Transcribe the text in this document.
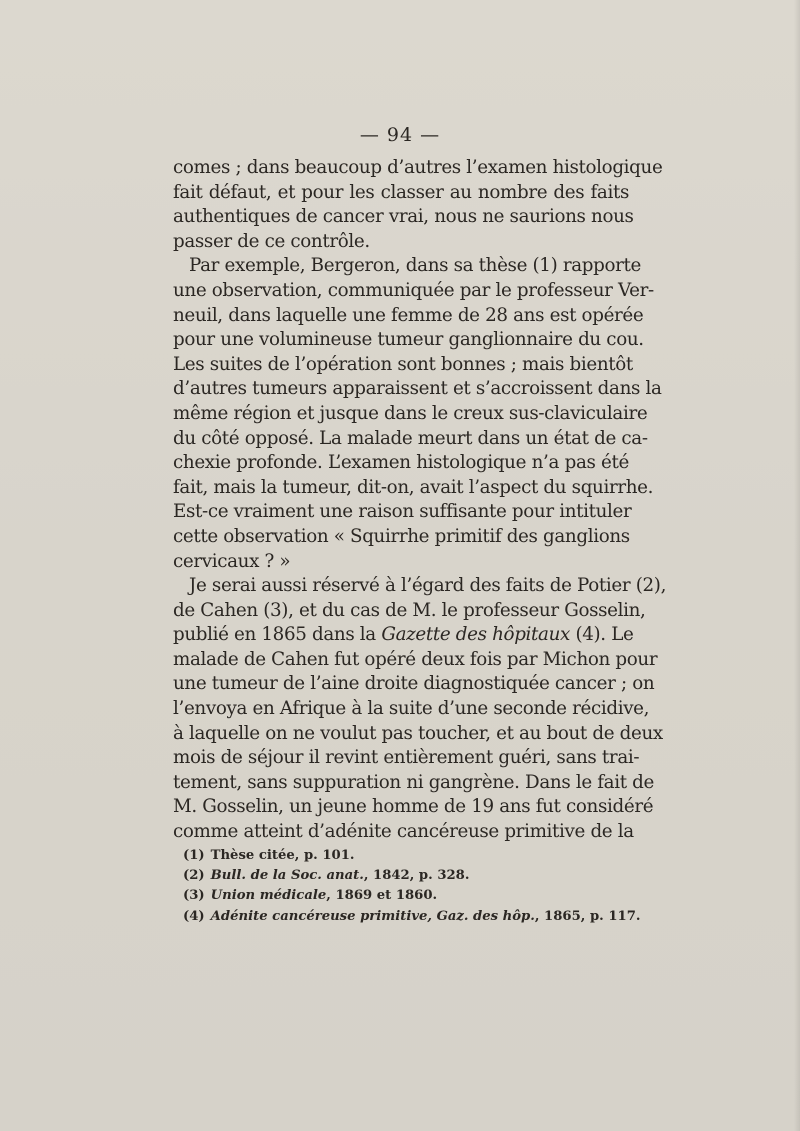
— 94 —
comes ; dans beaucoup d’autres l’examen histologique
fait défaut, et pour les classer au nombre des faits
authentiques de cancer vrai, nous ne saurions nous
passer de ce contrôle.
Par exemple, Bergeron, dans sa thèse (1) rapporte
une observation, communiquée par le professeur Ver-
neuil, dans laquelle une femme de 28 ans est opérée
pour une volumineuse tumeur ganglionnaire du cou.
Les suites de l’opération sont bonnes ; mais bientôt
d’autres tumeurs apparaissent et s’accroissent dans la
même région et jusque dans le creux sus-claviculaire
du côté opposé. La malade meurt dans un état de ca-
chexie profonde. L’examen histologique n’a pas été
fait, mais la tumeur, dit-on, avait l’aspect du squirrhe.
Est-ce vraiment une raison suffisante pour intituler
cette observation « Squirrhe primitif des ganglions
cervicaux ? »
Je serai aussi réservé à l’égard des faits de Potier (2),
de Cahen (3), et du cas de M. le professeur Gosselin,
publié en 1865 dans la Gazette des hôpitaux (4). Le
malade de Cahen fut opéré deux fois par Michon pour
une tumeur de l’aine droite diagnostiquée cancer ; on
l’envoya en Afrique à la suite d’une seconde récidive,
à laquelle on ne voulut pas toucher, et au bout de deux
mois de séjour il revint entièrement guéri, sans trai-
tement, sans suppuration ni gangrène. Dans le fait de
M. Gosselin, un jeune homme de 19 ans fut considéré
comme atteint d’adénite cancéreuse primitive de la
(1) Thèse citée, p. 101.
(2) Bull. de la Soc. anat., 1842, p. 328.
(3) Union médicale, 1869 et 1860.
(4) Adénite cancéreuse primitive, Gaz. des hôp., 1865, p. 117.
